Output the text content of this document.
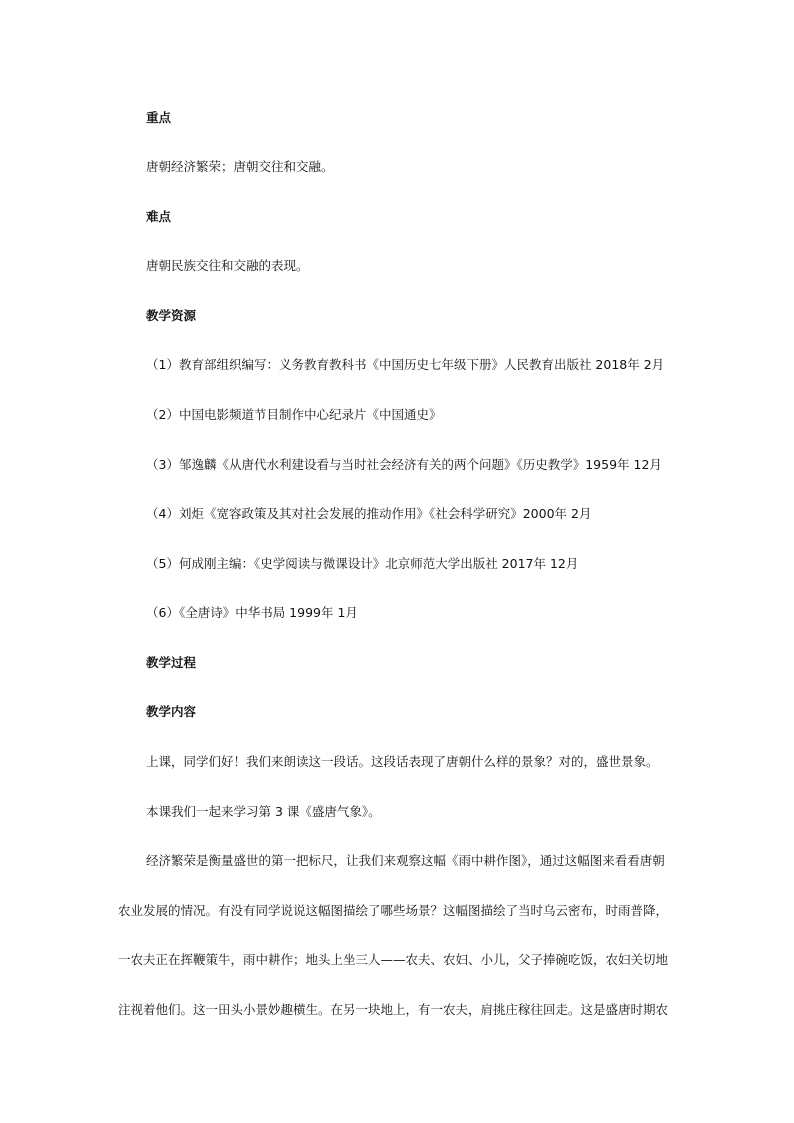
重点
唐朝经济繁荣；唐朝交往和交融。
难点
唐朝民族交往和交融的表现。
教学资源
（1）教育部组织编写：义务教育教科书《中国历史七年级下册》人民教育出版社 2018年 2月
（2）中国电影频道节目制作中心纪录片《中国通史》
（3）邹逸麟《从唐代水利建设看与当时社会经济有关的两个问题》《历史教学》1959年 12月
（4）刘炬《宽容政策及其对社会发展的推动作用》《社会科学研究》2000年 2月
（5）何成刚主编：《史学阅读与微课设计》北京师范大学出版社 2017年 12月
（6）《全唐诗》中华书局 1999年 1月
教学过程
教学内容
上课，同学们好！我们来朗读这一段话。这段话表现了唐朝什么样的景象？对的，盛世景象。
本课我们一起来学习第 3 课《盛唐气象》。
经济繁荣是衡量盛世的第一把标尺，让我们来观察这幅《雨中耕作图》，通过这幅图来看看唐朝
农业发展的情况。有没有同学说说这幅图描绘了哪些场景？这幅图描绘了当时乌云密布，时雨普降，
一农夫正在挥鞭策牛，雨中耕作；地头上坐三人——农夫、农妇、小儿，父子捧碗吃饭，农妇关切地
注视着他们。这一田头小景妙趣横生。在另一块地上，有一农夫，肩挑庄稼往回走。这是盛唐时期农
